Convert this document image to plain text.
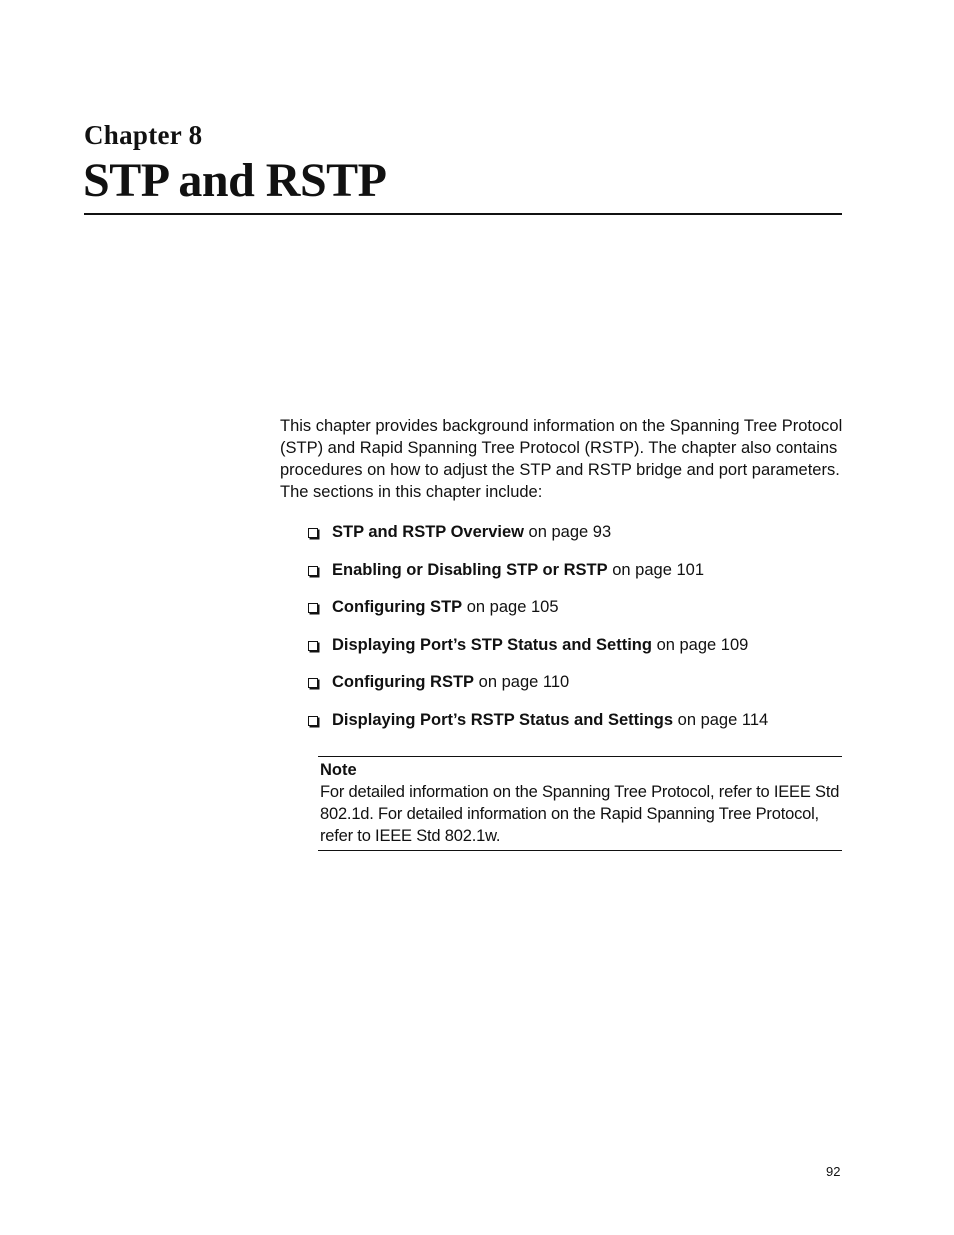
Chapter 8
STP and RSTP

This chapter provides background information on the Spanning Tree Protocol (STP) and Rapid Spanning Tree Protocol (RSTP). The chapter also contains procedures on how to adjust the STP and RSTP bridge and port parameters. The sections in this chapter include:

STP and RSTP Overview on page 93
Enabling or Disabling STP or RSTP on page 101
Configuring STP on page 105
Displaying Port’s STP Status and Setting on page 109
Configuring RSTP on page 110
Displaying Port’s RSTP Status and Settings on page 114
Note

For detailed information on the Spanning Tree Protocol, refer to IEEE Std 802.1d. For detailed information on the Rapid Spanning Tree Protocol, refer to IEEE Std 802.1w.

92
